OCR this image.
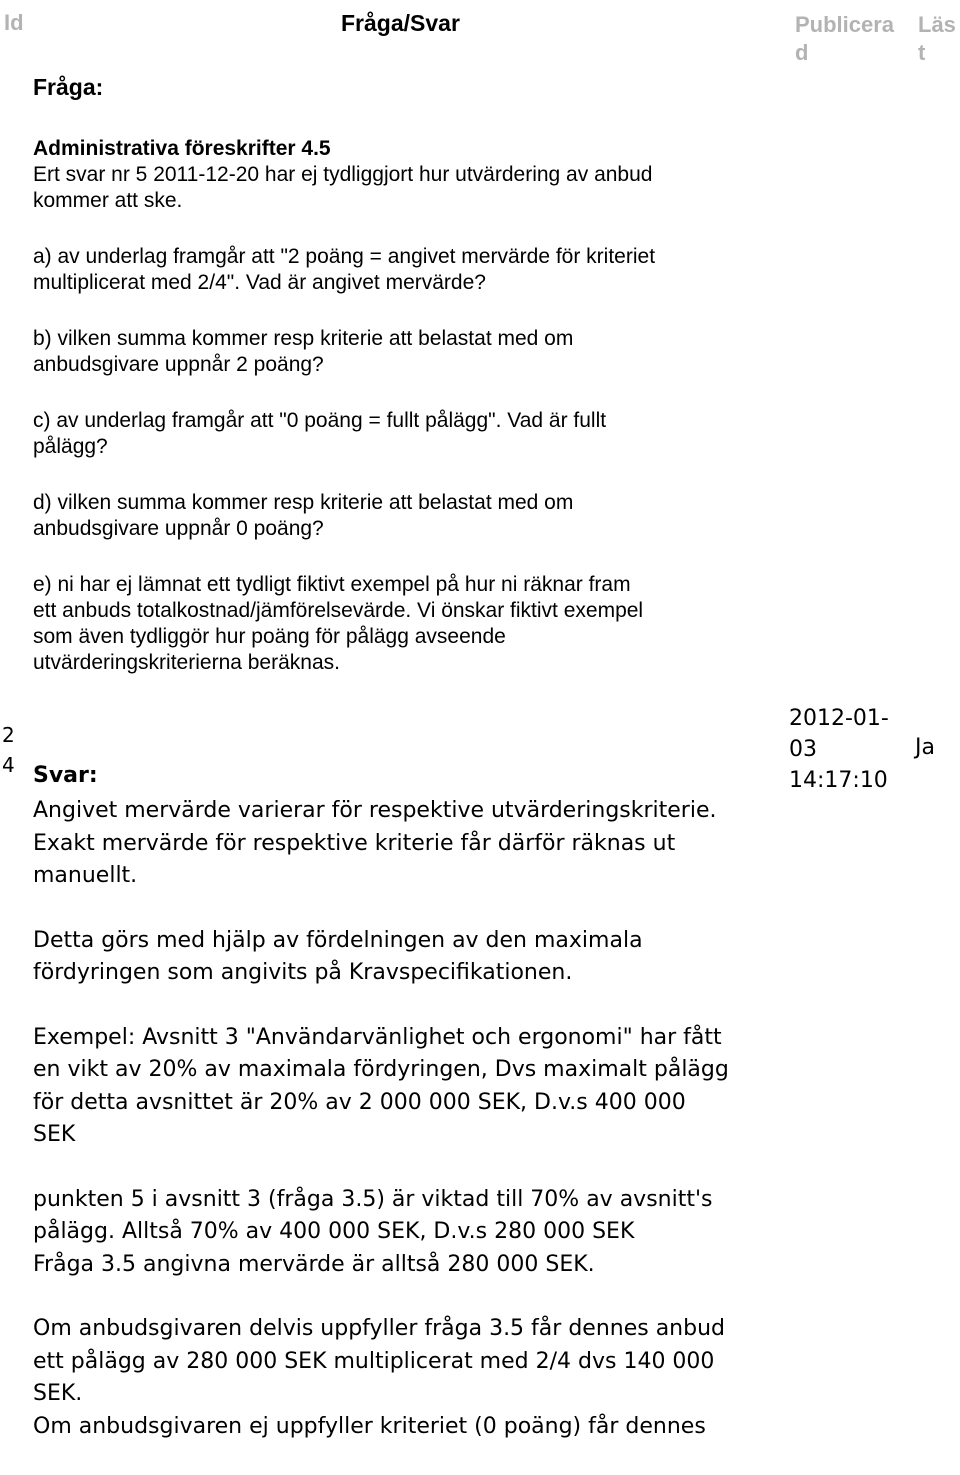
Id	Fråga/Svar	Publicera
d
Läs
t
Fråga:
Administrativa föreskrifter 4.5

Ert svar nr 5 2011-12-20 har ej tydliggjort hur utvärdering av anbud
kommer att ske.

a) av underlag framgår att "2 poäng = angivet mervärde för kriteriet
multiplicerat med 2/4". Vad är angivet mervärde?

b) vilken summa kommer resp kriterie att belastat med om
anbudsgivare uppnår 2 poäng?

c) av underlag framgår att "0 poäng = fullt pålägg". Vad är fullt
pålägg?

d) vilken summa kommer resp kriterie att belastat med om
anbudsgivare uppnår 0 poäng?

e) ni har ej lämnat ett tydligt fiktivt exempel på hur ni räknar fram
ett anbuds totalkostnad/jämförelsevärde. Vi önskar fiktivt exempel
som även tydliggör hur poäng för pålägg avseende
utvärderingskriterierna beräknas.

2
4
2012-01-
03
14:17:10
Ja
Svar:

Angivet mervärde varierar för respektive utvärderingskriterie.
Exakt mervärde för respektive kriterie får därför räknas ut
manuellt.

Detta görs med hjälp av fördelningen av den maximala
fördyringen som angivits på Kravspecifikationen.

Exempel: Avsnitt 3 "Användarvänlighet och ergonomi" har fått
en vikt av 20% av maximala fördyringen, Dvs maximalt pålägg
för detta avsnittet är 20% av 2 000 000 SEK, D.v.s 400 000
SEK

punkten 5 i avsnitt 3 (fråga 3.5) är viktad till 70% av avsnitt's
pålägg. Alltså 70% av 400 000 SEK, D.v.s 280 000 SEK
Fråga 3.5 angivna mervärde är alltså 280 000 SEK.

Om anbudsgivaren delvis uppfyller fråga 3.5 får dennes anbud
ett pålägg av 280 000 SEK multiplicerat med 2/4 dvs 140 000
SEK.
Om anbudsgivaren ej uppfyller kriteriet (0 poäng) får dennes
